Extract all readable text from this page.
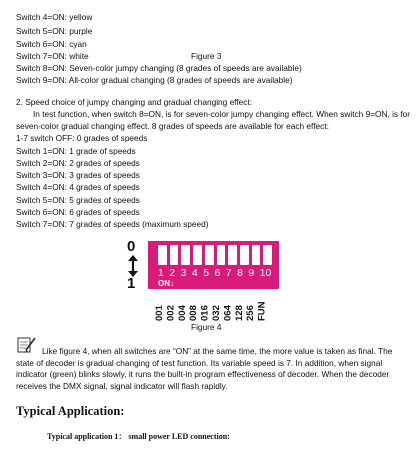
Switch 4=ON: yellow
Switch 5=ON: purple
Switch 6=ON: cyan
Switch 7=ON: white	Figure 3
Switch 8=ON: Seven-color jumpy changing (8 grades of speeds are available)
Switch 9=ON: All-color gradual changing (8 grades of speeds are available)
2. Speed choice of jumpy changing and gradual changing effect:
In test function, when switch 8=ON, is for seven-color jumpy changing effect. When switch 9=ON, is for seven-color gradual changing effect. 8 grades of speeds are available for each effect:
1-7 switch OFF: 0 grades of speeds
Switch 1=ON: 1 grade of speeds
Switch 2=ON: 2 grades of speeds
Switch 3=ON: 3 grades of speeds
Switch 4=ON: 4 grades of speeds
Switch 5=ON: 5 grades of speeds
Switch 6=ON: 6 grades of speeds
Switch 7=ON: 7 grades of speeds (maximum speed)
0
1
1 2 3 4 5 6 7 8 9 10
ON↓
001 002 004 008 016 032 064 128 256 FUN
Figure 4
Like figure 4, when all switches are “ON” at the same time, the more value is taken as final. The state of decoder is gradual changing of test function. Its variable speed is 7. In addition, when signal indicator (green) blinks slowly, it runs the built-in program effectiveness of decoder. When the decoder receives the DMX signal, signal indicator will flash rapidly.
Typical Application:
Typical application 1： small power LED connection:
